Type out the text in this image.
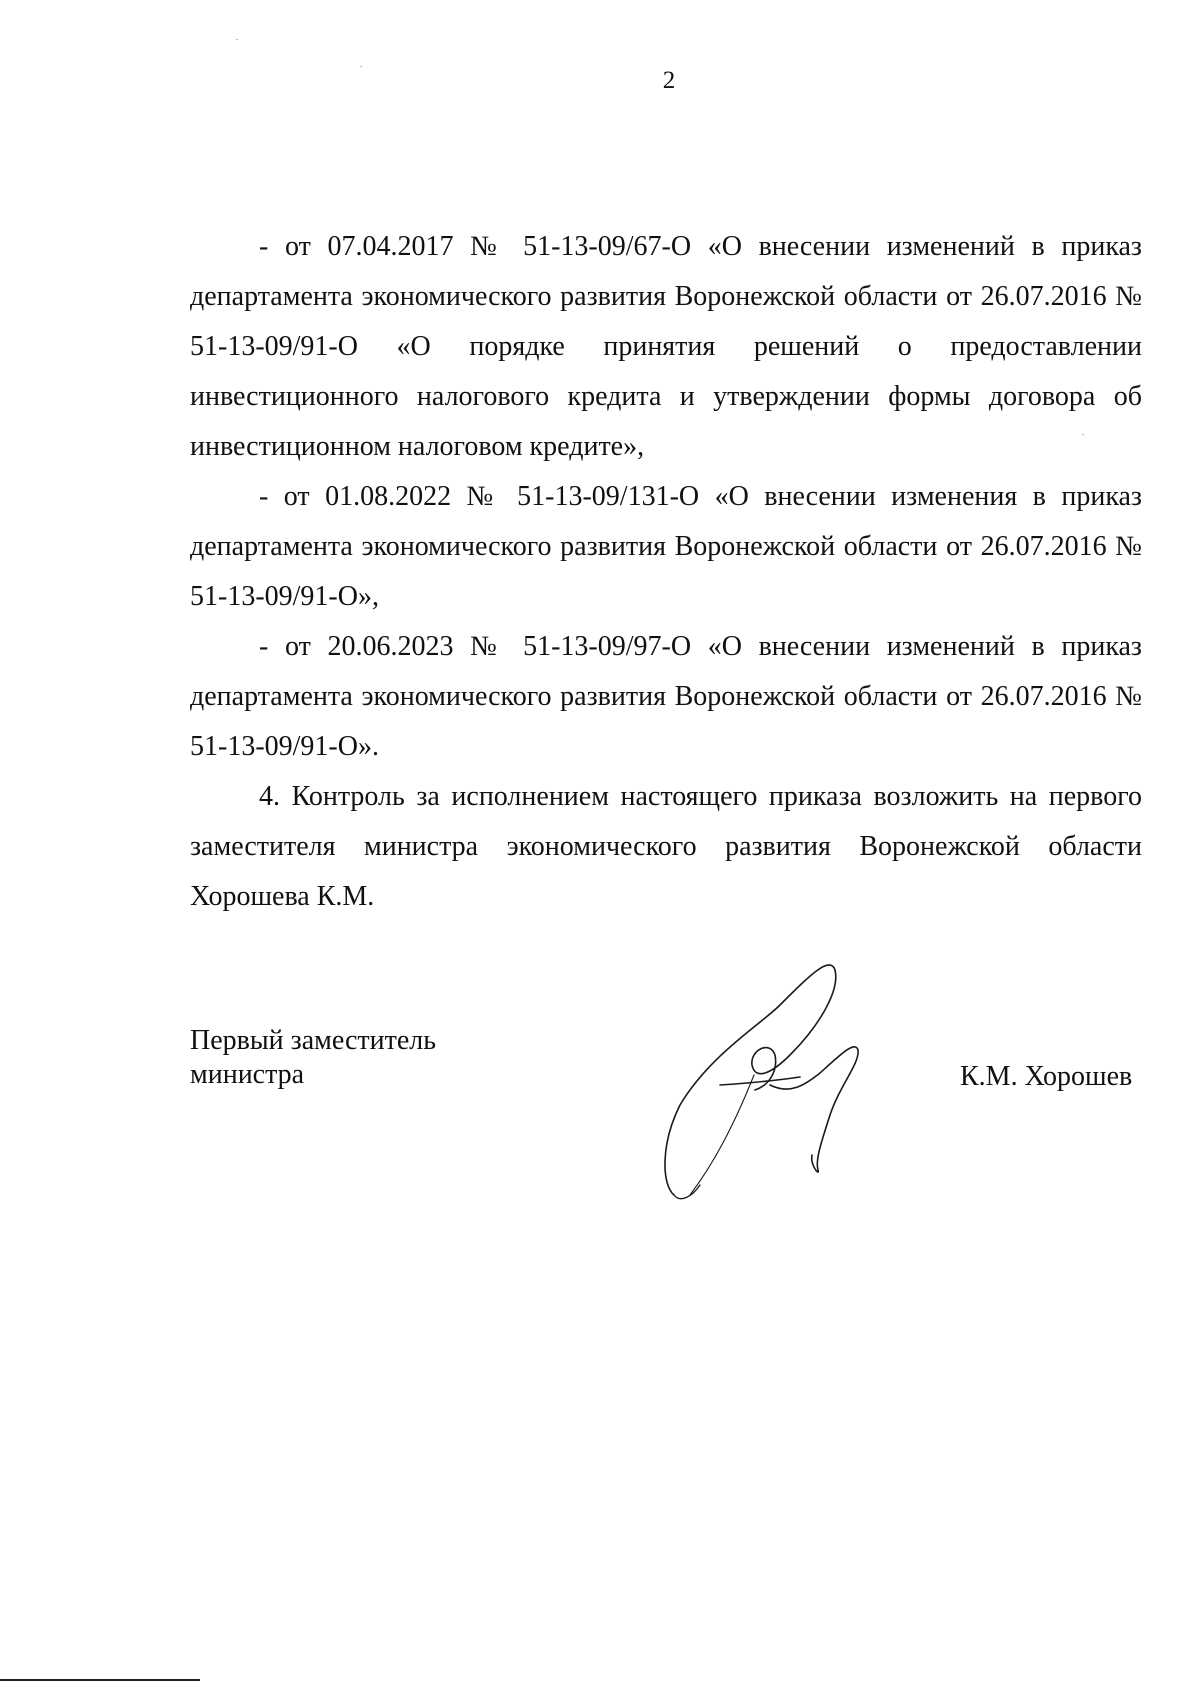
2

- от 07.04.2017 № 51-13-09/67-О «О внесении изменений в приказ департамента экономического развития Воронежской области от 26.07.2016 № 51-13-09/91-О «О порядке принятия решений о предоставлении инвестиционного налогового кредита и утверждении формы договора об инвестиционном налоговом кредите»,

- от 01.08.2022 № 51-13-09/131-О «О внесении изменения в приказ департамента экономического развития Воронежской области от 26.07.2016 № 51-13-09/91-О»,

- от 20.06.2023 № 51-13-09/97-О «О внесении изменений в приказ департамента экономического развития Воронежской области от 26.07.2016 № 51-13-09/91-О».

4. Контроль за исполнением настоящего приказа возложить на первого заместителя министра экономического развития Воронежской области Хорошева К.М.

Первый заместитель
министра	К.М. Хорошев
